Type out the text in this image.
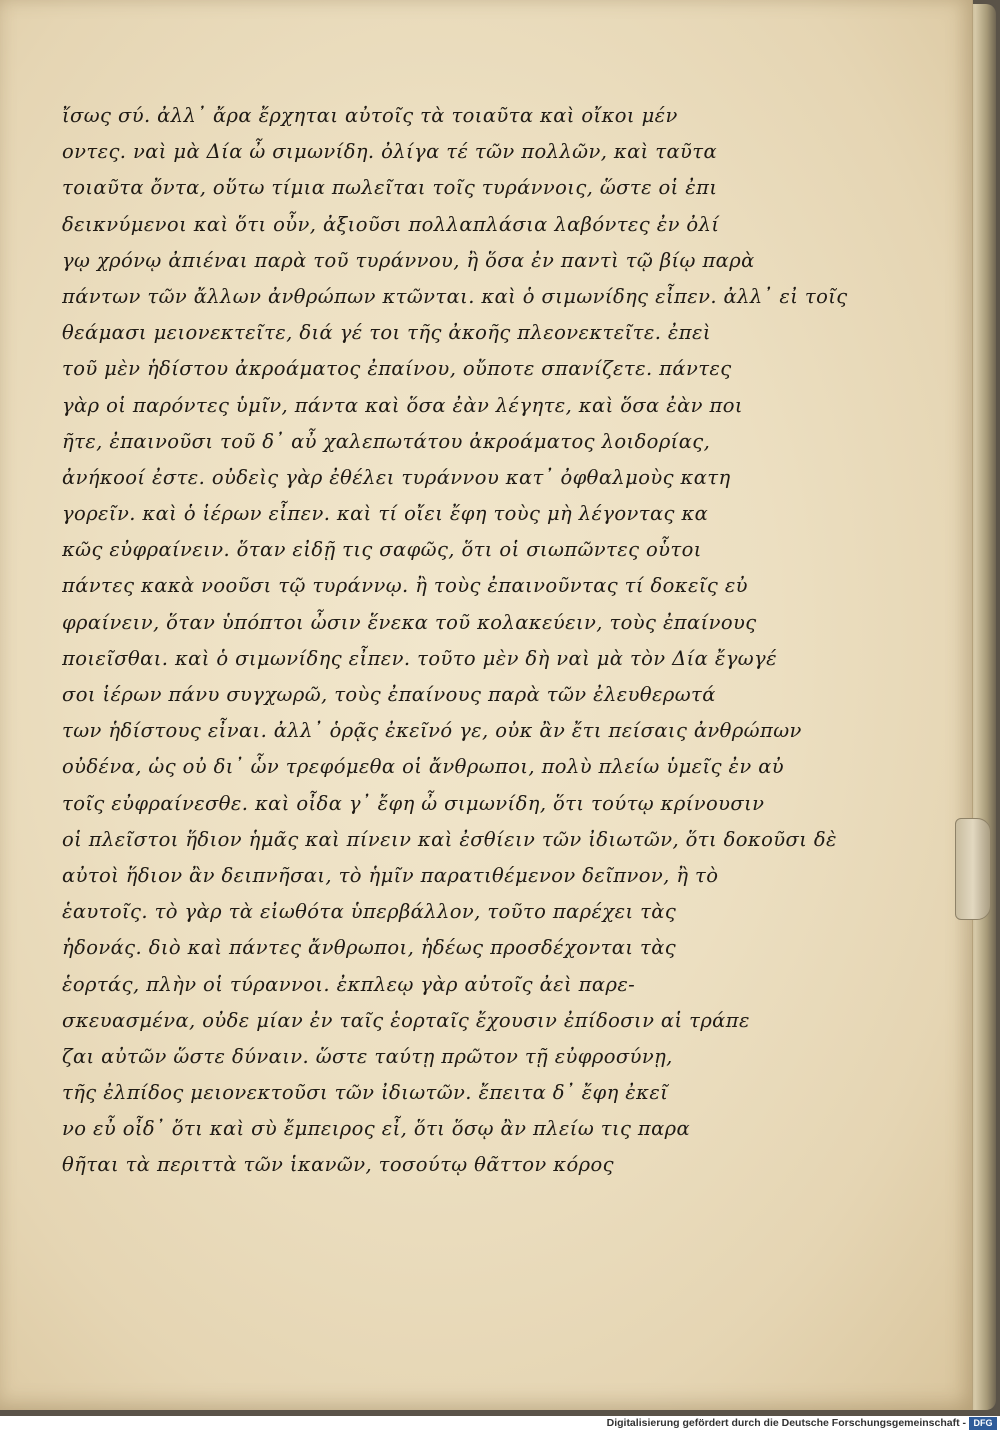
ἴσως σύ. ἀλλ᾽ ἄρα ἔρχηται αὐτοῖς τὰ τοιαῦτα καὶ οἴκοι μέν
οντες. ναὶ μὰ Δία ὦ σιμωνίδη. ὀλίγα τέ τῶν πολλῶν, καὶ ταῦτα
τοιαῦτα ὄντα, οὕτω τίμια πωλεῖται τοῖς τυράννοις, ὥστε οἱ ἐπι
δεικνύμενοι καὶ ὅτι οὖν, ἀξιοῦσι πολλαπλάσια λαβόντες ἐν ὀλί
γῳ χρόνῳ ἀπιέναι παρὰ τοῦ τυράννου, ἢ ὅσα ἐν παντὶ τῷ βίῳ παρὰ
πάντων τῶν ἄλλων ἀνθρώπων κτῶνται. καὶ ὁ σιμωνίδης εἶπεν. ἀλλ᾽ εἰ τοῖς
θεάμασι μειονεκτεῖτε, διά γέ τοι τῆς ἀκοῆς πλεονεκτεῖτε. ἐπεὶ
τοῦ μὲν ἡδίστου ἀκροάματος ἐπαίνου, οὔποτε σπανίζετε. πάντες
γὰρ οἱ παρόντες ὑμῖν, πάντα καὶ ὅσα ἐὰν λέγητε, καὶ ὅσα ἐὰν ποι
ῆτε, ἐπαινοῦσι τοῦ δ᾽ αὖ χαλεπωτάτου ἀκροάματος λοιδορίας,
ἀνήκοοί ἐστε. οὐδεὶς γὰρ ἐθέλει τυράννου κατ᾽ ὀφθαλμοὺς κατη
γορεῖν. καὶ ὁ ἱέρων εἶπεν. καὶ τί οἴει ἔφη τοὺς μὴ λέγοντας κα
κῶς εὐφραίνειν. ὅταν εἰδῇ τις σαφῶς, ὅτι οἱ σιωπῶντες οὗτοι
πάντες κακὰ νοοῦσι τῷ τυράννῳ. ἢ τοὺς ἐπαινοῦντας τί δοκεῖς εὐ
φραίνειν, ὅταν ὑπόπτοι ὦσιν ἕνεκα τοῦ κολακεύειν, τοὺς ἐπαίνους
ποιεῖσθαι. καὶ ὁ σιμωνίδης εἶπεν. τοῦτο μὲν δὴ ναὶ μὰ τὸν Δία ἔγωγέ
σοι ἱέρων πάνυ συγχωρῶ, τοὺς ἐπαίνους παρὰ τῶν ἐλευθερωτά
των ἡδίστους εἶναι. ἀλλ᾽ ὁρᾷς ἐκεῖνό γε, οὐκ ἂν ἔτι πείσαις ἀνθρώπων
οὐδένα, ὡς οὐ δι᾽ ὧν τρεφόμεθα οἱ ἄνθρωποι, πολὺ πλείω ὑμεῖς ἐν αὐ
τοῖς εὐφραίνεσθε. καὶ οἶδα γ᾽ ἔφη ὦ σιμωνίδη, ὅτι τούτῳ κρίνουσιν
οἱ πλεῖστοι ἥδιον ἡμᾶς καὶ πίνειν καὶ ἐσθίειν τῶν ἰδιωτῶν, ὅτι δοκοῦσι δὲ
αὐτοὶ ἥδιον ἂν δειπνῆσαι, τὸ ἡμῖν παρατιθέμενον δεῖπνον, ἢ τὸ
ἑαυτοῖς. τὸ γὰρ τὰ εἰωθότα ὑπερβάλλον, τοῦτο παρέχει τὰς
ἡδονάς. διὸ καὶ πάντες ἄνθρωποι, ἡδέως προσδέχονται τὰς
ἑορτάς, πλὴν οἱ τύραννοι. ἐκπλεῳ γὰρ αὐτοῖς ἀεὶ παρε-
σκευασμένα, οὐδε μίαν ἐν ταῖς ἑορταῖς ἔχουσιν ἐπίδοσιν αἱ τράπε
ζαι αὐτῶν ὥστε δύναιν. ὥστε ταύτῃ πρῶτον τῇ εὐφροσύνῃ,
τῆς ἐλπίδος μειονεκτοῦσι τῶν ἰδιωτῶν. ἔπειτα δ᾽ ἔφη ἐκεῖ
νο εὖ οἶδ᾽ ὅτι καὶ σὺ ἔμπειρος εἶ, ὅτι ὅσῳ ἂν πλείω τις παρα
θῆται τὰ περιττὰ τῶν ἱκανῶν, τοσούτῳ θᾶττον κόρος
Digitalisierung gefördert durch die Deutsche Forschungsgemeinschaft - DFG
